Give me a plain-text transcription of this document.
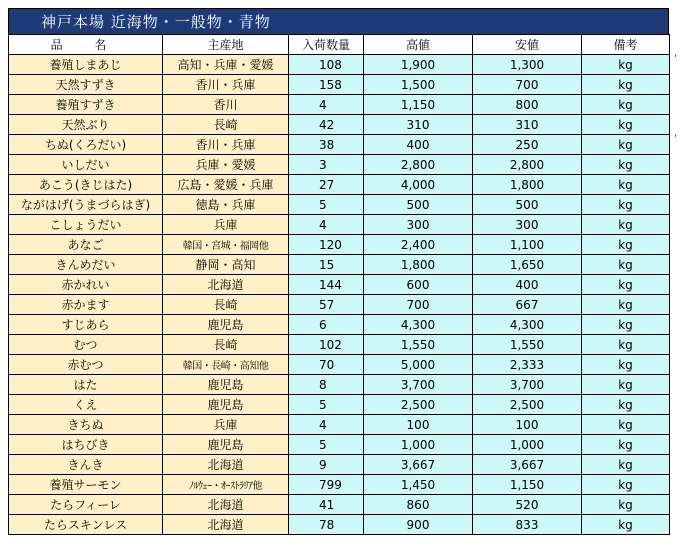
神戸本場 近海物・一般物・青物
品 名	主産地	入荷数量	高値	安値	備考
養殖しまあじ	高知・兵庫・愛媛	108	1,900	1,300	kg
天然すずき	香川・兵庫	158	1,500	700	kg
養殖すずき	香川	4	1,150	800	kg
天然ぶり	長崎	42	310	310	kg
ちぬ(くろだい)	香川・兵庫	38	400	250	kg
いしだい	兵庫・愛媛	3	2,800	2,800	kg
あこう(きじはた)	広島・愛媛・兵庫	27	4,000	1,800	kg
ながはげ(うまづらはぎ)	徳島・兵庫	5	500	500	kg
こしょうだい	兵庫	4	300	300	kg
あなご	韓国・宮城・福岡他	120	2,400	1,100	kg
きんめだい	静岡・高知	15	1,800	1,650	kg
赤かれい	北海道	144	600	400	kg
赤かます	長崎	57	700	667	kg
すじあら	鹿児島	6	4,300	4,300	kg
むつ	長崎	102	1,550	1,550	kg
赤むつ	韓国・長崎・高知他	70	5,000	2,333	kg
はた	鹿児島	8	3,700	3,700	kg
くえ	鹿児島	5	2,500	2,500	kg
きちぬ	兵庫	4	100	100	kg
はちびき	鹿児島	5	1,000	1,000	kg
きんき	北海道	9	3,667	3,667	kg
養殖サーモン	ﾉﾙｳｪｰ・ｵｰｽﾄﾗﾘｱ他	799	1,450	1,150	kg
たらフィーレ	北海道	41	860	520	kg
たらスキンレス	北海道	78	900	833	kg
,
,
